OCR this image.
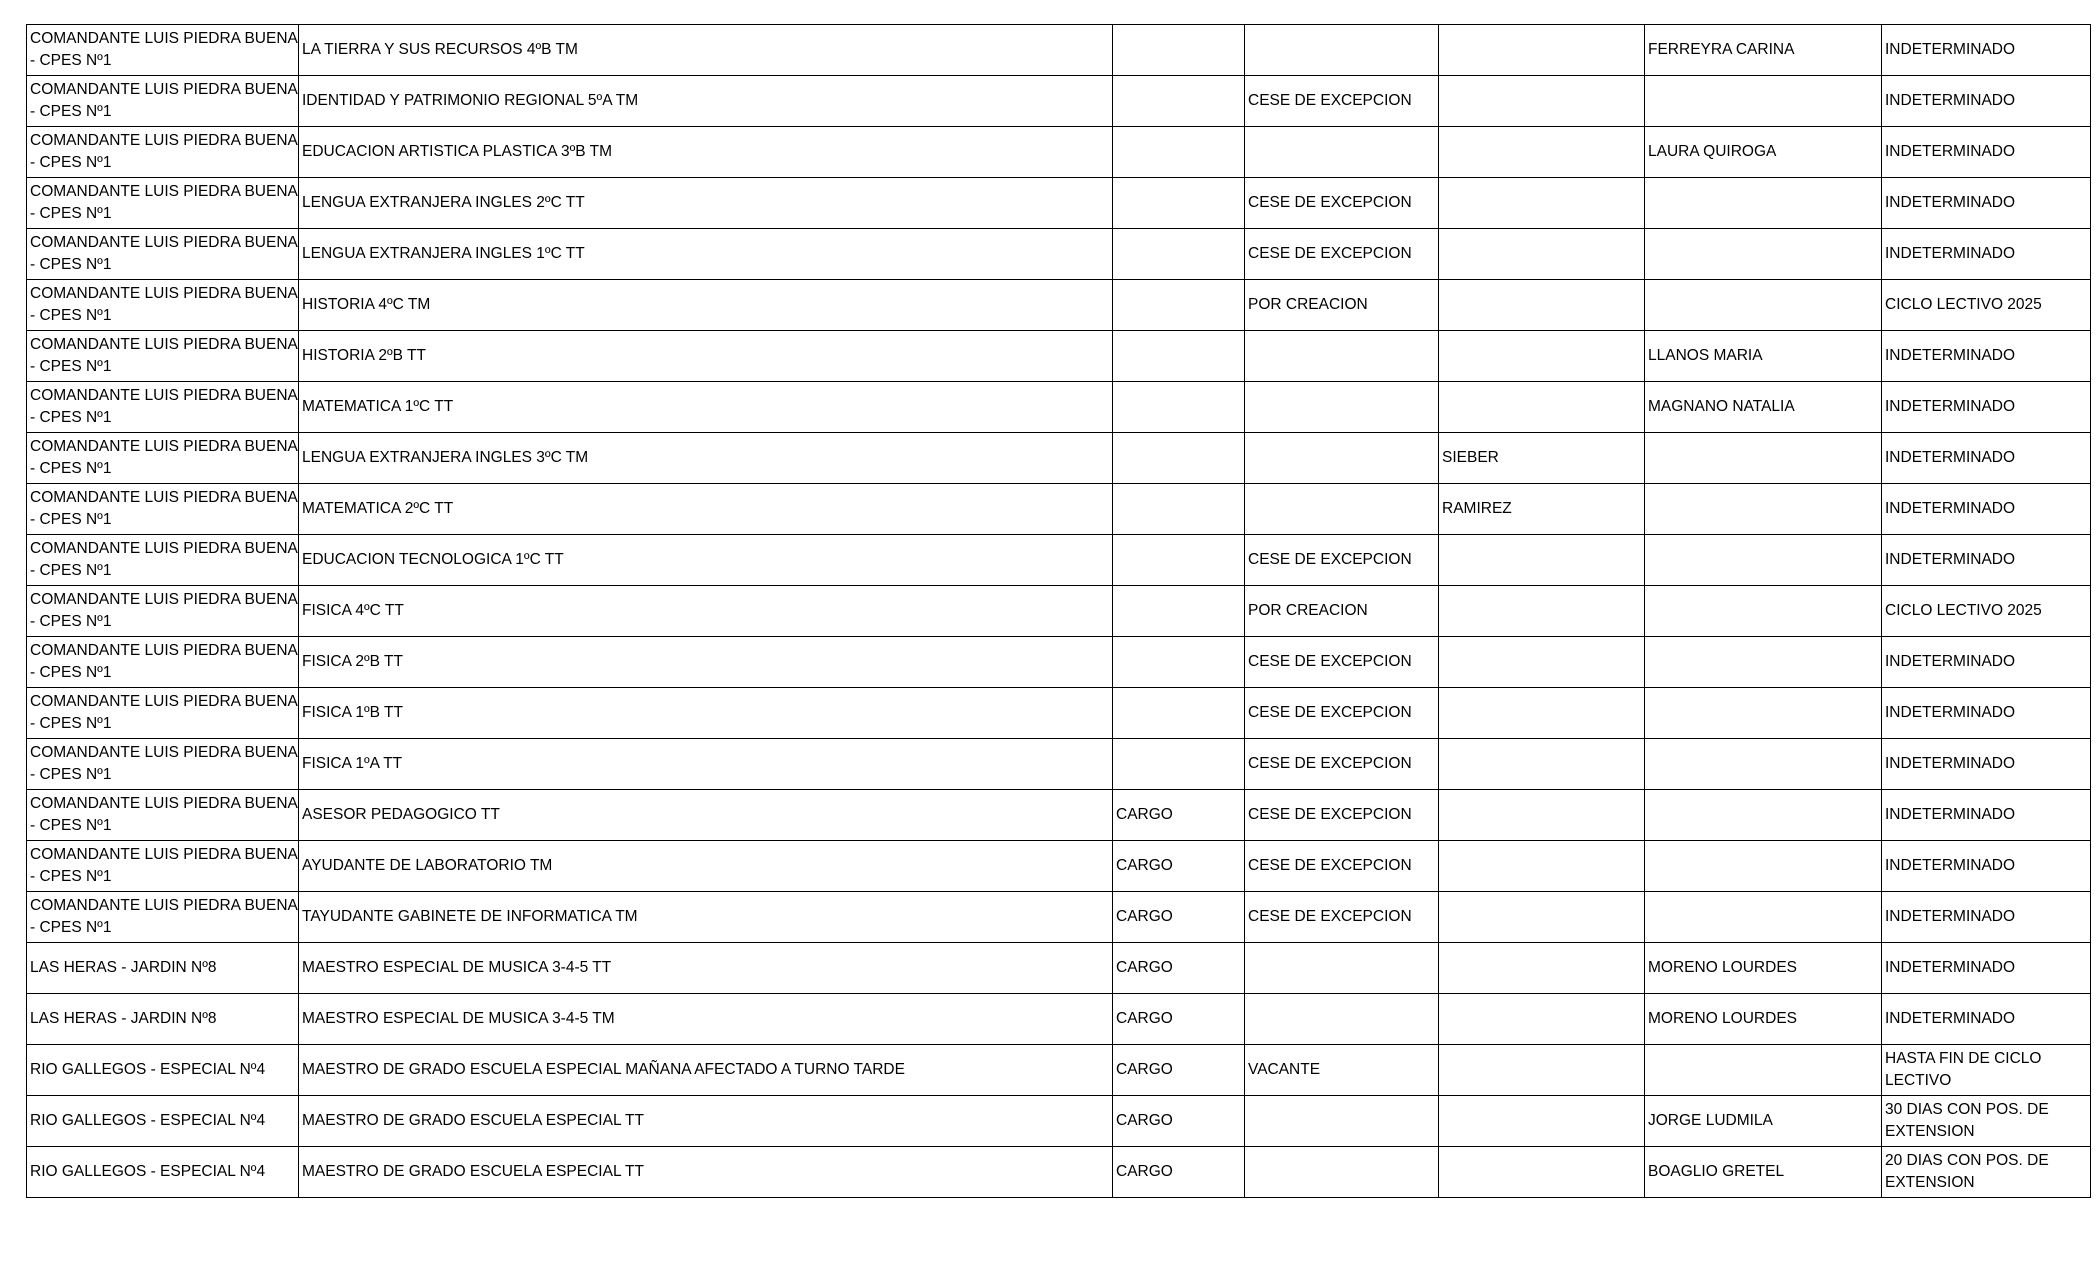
COMANDANTE LUIS PIEDRA BUENA - CPES Nº1	LA TIERRA Y SUS RECURSOS 4ºB TM				FERREYRA CARINA	INDETERMINADO
COMANDANTE LUIS PIEDRA BUENA - CPES Nº1	IDENTIDAD Y PATRIMONIO REGIONAL 5ºA TM		CESE DE EXCEPCION			INDETERMINADO
COMANDANTE LUIS PIEDRA BUENA - CPES Nº1	EDUCACION ARTISTICA PLASTICA 3ºB TM				LAURA QUIROGA	INDETERMINADO
COMANDANTE LUIS PIEDRA BUENA - CPES Nº1	LENGUA EXTRANJERA INGLES 2ºC TT		CESE DE EXCEPCION			INDETERMINADO
COMANDANTE LUIS PIEDRA BUENA - CPES Nº1	LENGUA EXTRANJERA INGLES 1ºC TT		CESE DE EXCEPCION			INDETERMINADO
COMANDANTE LUIS PIEDRA BUENA - CPES Nº1	HISTORIA 4ºC TM		POR CREACION			CICLO LECTIVO 2025
COMANDANTE LUIS PIEDRA BUENA - CPES Nº1	HISTORIA 2ºB TT				LLANOS MARIA	INDETERMINADO
COMANDANTE LUIS PIEDRA BUENA - CPES Nº1	MATEMATICA 1ºC TT				MAGNANO NATALIA	INDETERMINADO
COMANDANTE LUIS PIEDRA BUENA - CPES Nº1	LENGUA EXTRANJERA INGLES 3ºC TM			SIEBER		INDETERMINADO
COMANDANTE LUIS PIEDRA BUENA - CPES Nº1	MATEMATICA 2ºC TT			RAMIREZ		INDETERMINADO
COMANDANTE LUIS PIEDRA BUENA - CPES Nº1	EDUCACION TECNOLOGICA 1ºC TT		CESE DE EXCEPCION			INDETERMINADO
COMANDANTE LUIS PIEDRA BUENA - CPES Nº1	FISICA 4ºC TT		POR CREACION			CICLO LECTIVO 2025
COMANDANTE LUIS PIEDRA BUENA - CPES Nº1	FISICA 2ºB TT		CESE DE EXCEPCION			INDETERMINADO
COMANDANTE LUIS PIEDRA BUENA - CPES Nº1	FISICA 1ºB TT		CESE DE EXCEPCION			INDETERMINADO
COMANDANTE LUIS PIEDRA BUENA - CPES Nº1	FISICA 1ºA TT		CESE DE EXCEPCION			INDETERMINADO
COMANDANTE LUIS PIEDRA BUENA - CPES Nº1	ASESOR PEDAGOGICO TT	CARGO	CESE DE EXCEPCION			INDETERMINADO
COMANDANTE LUIS PIEDRA BUENA - CPES Nº1	AYUDANTE DE LABORATORIO TM	CARGO	CESE DE EXCEPCION			INDETERMINADO
COMANDANTE LUIS PIEDRA BUENA - CPES Nº1	TAYUDANTE GABINETE DE INFORMATICA TM	CARGO	CESE DE EXCEPCION			INDETERMINADO
LAS HERAS - JARDIN Nº8	MAESTRO ESPECIAL DE MUSICA 3-4-5 TT	CARGO			MORENO LOURDES	INDETERMINADO
LAS HERAS - JARDIN Nº8	MAESTRO ESPECIAL DE MUSICA 3-4-5 TM	CARGO			MORENO LOURDES	INDETERMINADO
RIO GALLEGOS - ESPECIAL Nº4	MAESTRO DE GRADO ESCUELA ESPECIAL MAÑANA AFECTADO A TURNO TARDE	CARGO	VACANTE			HASTA FIN DE CICLO LECTIVO
RIO GALLEGOS - ESPECIAL Nº4	MAESTRO DE GRADO ESCUELA ESPECIAL TT	CARGO			JORGE LUDMILA	30 DIAS CON POS. DE EXTENSION
RIO GALLEGOS - ESPECIAL Nº4	MAESTRO DE GRADO ESCUELA ESPECIAL TT	CARGO			BOAGLIO GRETEL	20 DIAS CON POS. DE EXTENSION
